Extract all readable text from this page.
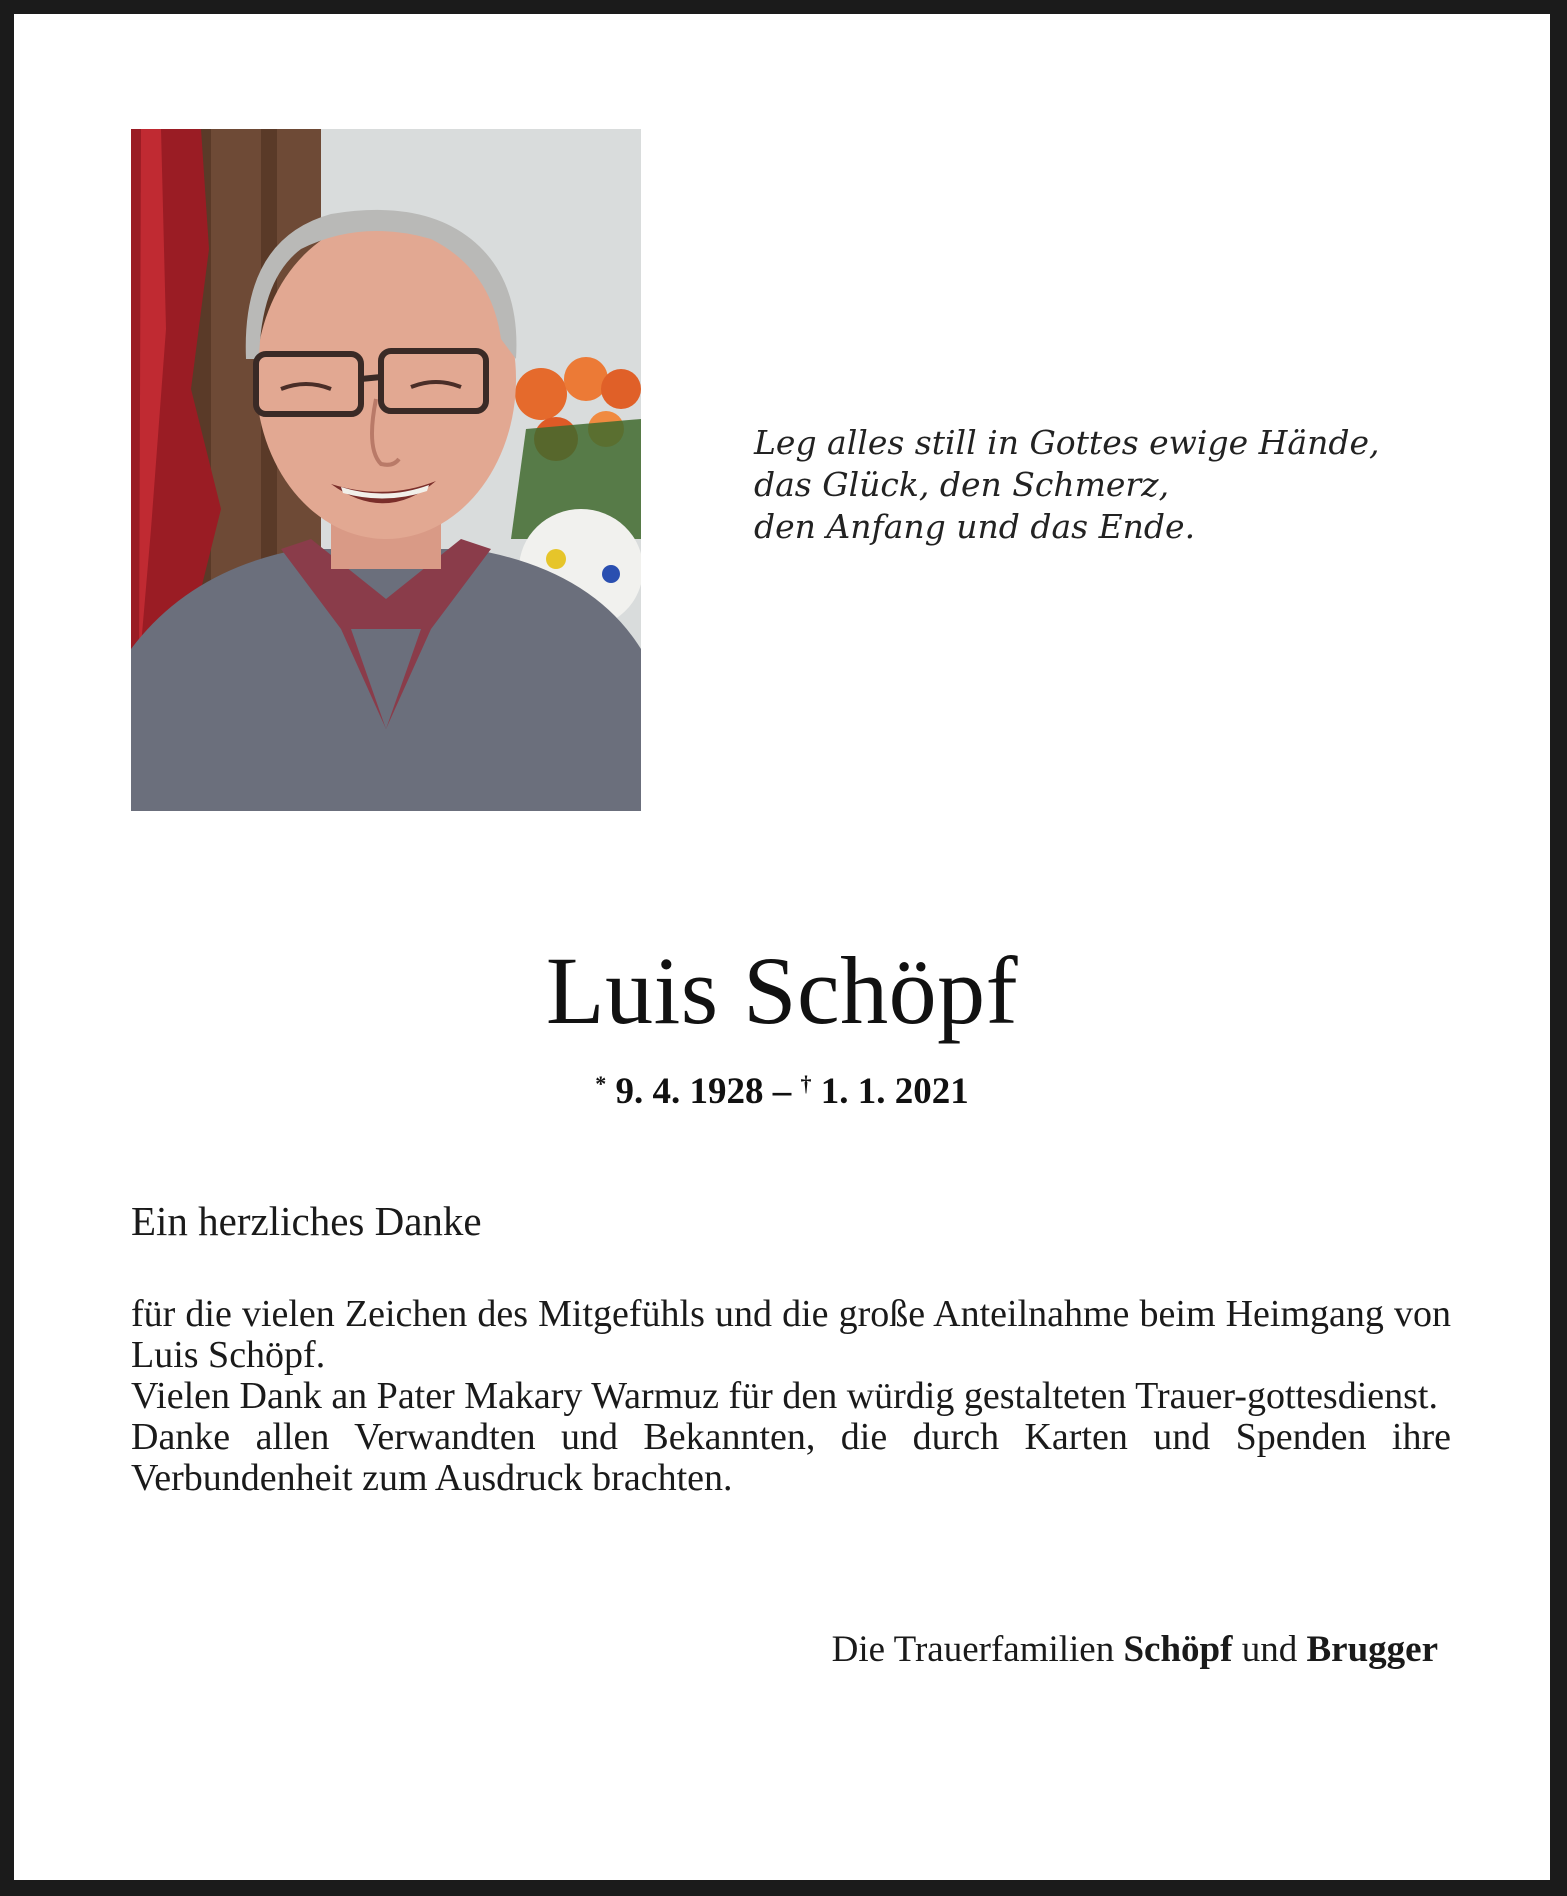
Leg alles still in Gottes ewige Hände,
das Glück, den Schmerz,
den Anfang und das Ende.
Luis Schöpf
* 9. 4. 1928 – † 1. 1. 2021
Ein herzliches Danke

für die vielen Zeichen des Mitgefühls und die große Anteilnahme beim Heimgang von Luis Schöpf.

Vielen Dank an Pater Makary Warmuz für den würdig gestalteten Trauer-gottesdienst.

Danke allen Verwandten und Bekannten, die durch Karten und Spenden ihre Verbundenheit zum Ausdruck brachten.

Die Trauerfamilien Schöpf und Brugger
